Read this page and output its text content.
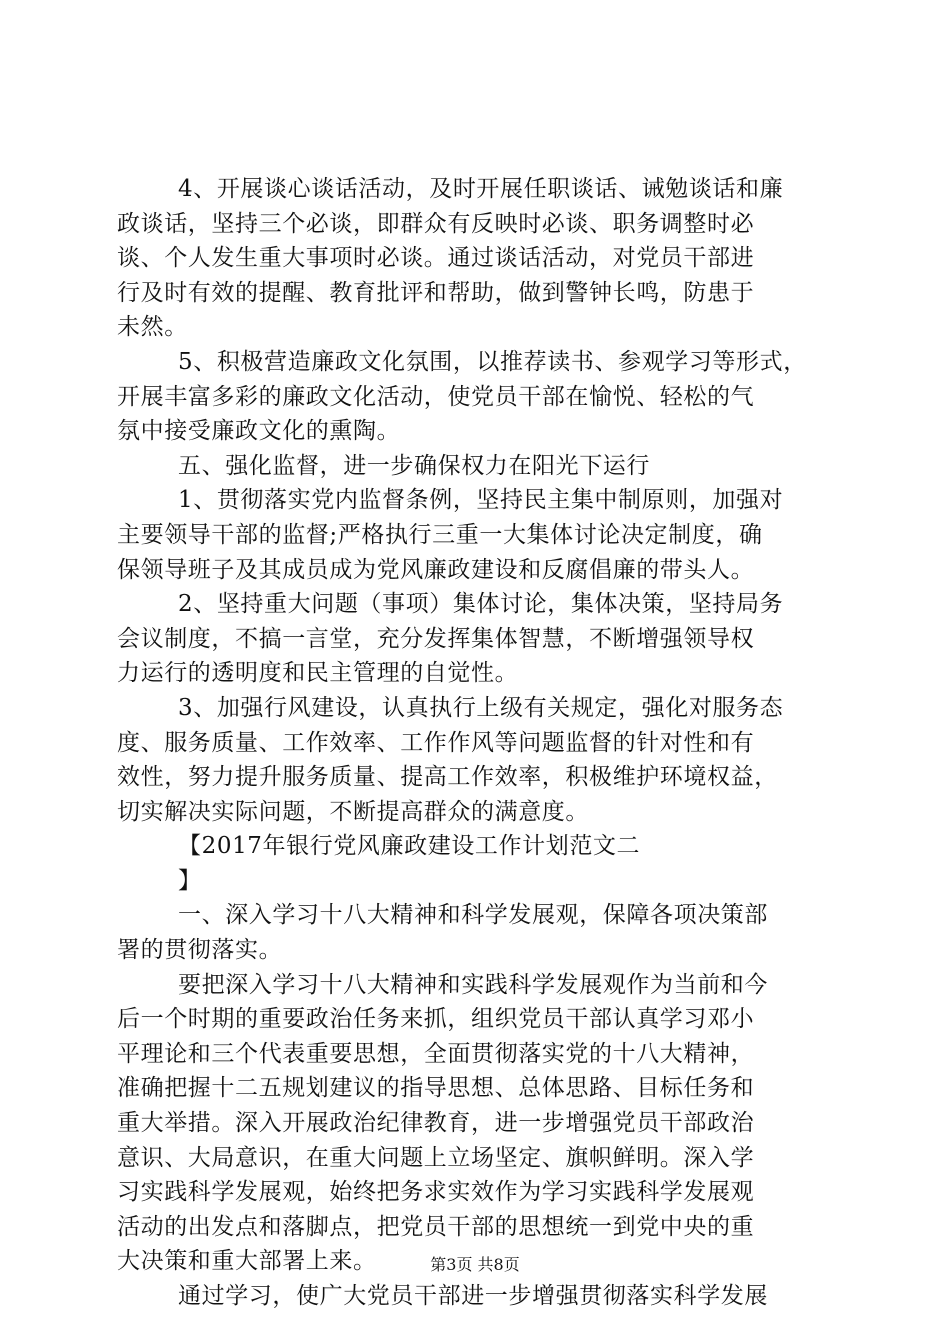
4、开展谈心谈话活动，及时开展任职谈话、诫勉谈话和廉
政谈话，坚持三个必谈，即群众有反映时必谈、职务调整时必
谈、个人发生重大事项时必谈。通过谈话活动，对党员干部进
行及时有效的提醒、教育批评和帮助，做到警钟长鸣，防患于
未然。
5、积极营造廉政文化氛围，以推荐读书、参观学习等形式，
开展丰富多彩的廉政文化活动，使党员干部在愉悦、轻松的气
氛中接受廉政文化的熏陶。
五、强化监督，进一步确保权力在阳光下运行
1、贯彻落实党内监督条例，坚持民主集中制原则，加强对
主要领导干部的监督;严格执行三重一大集体讨论决定制度，确
保领导班子及其成员成为党风廉政建设和反腐倡廉的带头人。
2、坚持重大问题（事项）集体讨论，集体决策，坚持局务
会议制度，不搞一言堂，充分发挥集体智慧，不断增强领导权
力运行的透明度和民主管理的自觉性。
3、加强行风建设，认真执行上级有关规定，强化对服务态
度、服务质量、工作效率、工作作风等问题监督的针对性和有
效性，努力提升服务质量、提高工作效率，积极维护环境权益，
切实解决实际问题，不断提高群众的满意度。
【2017年银行党风廉政建设工作计划范文二
】
一、深入学习十八大精神和科学发展观，保障各项决策部
署的贯彻落实。
要把深入学习十八大精神和实践科学发展观作为当前和今
后一个时期的重要政治任务来抓，组织党员干部认真学习邓小
平理论和三个代表重要思想，全面贯彻落实党的十八大精神，
准确把握十二五规划建议的指导思想、总体思路、目标任务和
重大举措。深入开展政治纪律教育，进一步增强党员干部政治
意识、大局意识，在重大问题上立场坚定、旗帜鲜明。深入学
习实践科学发展观，始终把务求实效作为学习实践科学发展观
活动的出发点和落脚点，把党员干部的思想统一到党中央的重
大决策和重大部署上来。
通过学习，使广大党员干部进一步增强贯彻落实科学发展
第3页 共8页
